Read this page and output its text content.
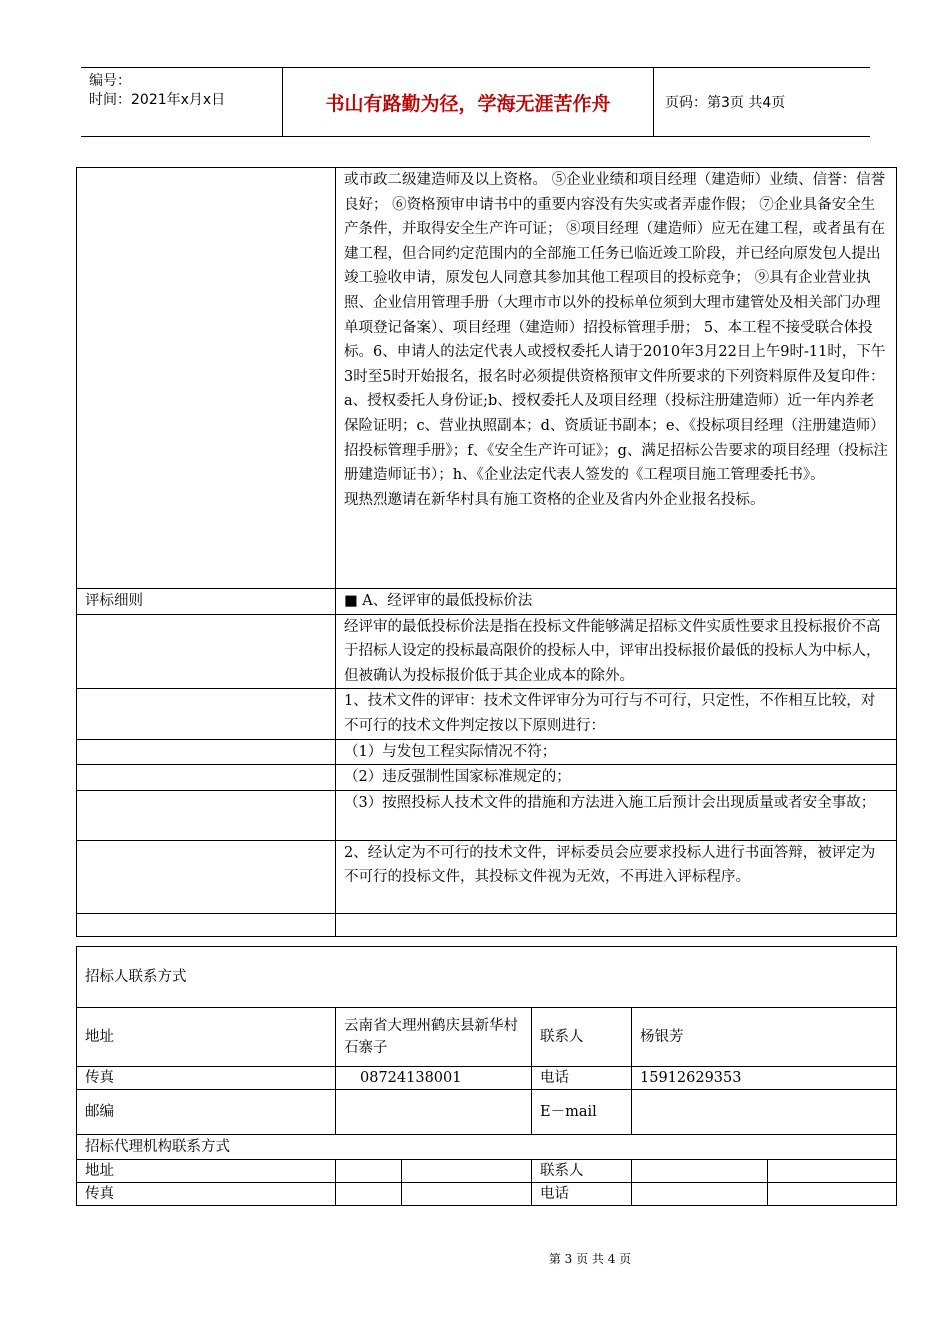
编号：
时间：2021年x月x日	书山有路勤为径，学海无涯苦作舟	页码：第3页 共4页

	或市政二级建造师及以上资格。 ⑤企业业绩和项目经理（建造师）业绩、信誉：信誉良好； ⑥资格预审申请书中的重要内容没有失实或者弄虚作假； ⑦企业具备安全生产条件，并取得安全生产许可证； ⑧项目经理（建造师）应无在建工程，或者虽有在建工程，但合同约定范围内的全部施工任务已临近竣工阶段，并已经向原发包人提出竣工验收申请，原发包人同意其参加其他工程项目的投标竞争； ⑨具有企业营业执照、企业信用管理手册（大理市市以外的投标单位须到大理市建管处及相关部门办理单项登记备案）、项目经理（建造师）招投标管理手册； 5、本工程不接受联合体投标。6、申请人的法定代表人或授权委托人请于2010年3月22日上午9时-11时，下午3时至5时开始报名，报名时必须提供资格预审文件所要求的下列资料原件及复印件：a、授权委托人身份证;b、授权委托人及项目经理（投标注册建造师）近一年内养老保险证明；c、营业执照副本；d、资质证书副本；e、《投标项目经理（注册建造师）招投标管理手册》；f、《安全生产许可证》；g、满足招标公告要求的项目经理（投标注册建造师证书）；h、《企业法定代表人签发的《工程项目施工管理委托书》。
现热烈邀请在新华村具有施工资格的企业及省内外企业报名投标。

评标细则	■ A、经评审的最低投标价法
	经评审的最低投标价法是指在投标文件能够满足招标文件实质性要求且投标报价不高于招标人设定的投标最高限价的投标人中，评审出投标报价最低的投标人为中标人，但被确认为投标报价低于其企业成本的除外。
	1、技术文件的评审：技术文件评审分为可行与不可行，只定性，不作相互比较，对不可行的技术文件判定按以下原则进行：
	（1）与发包工程实际情况不符；
	（2）违反强制性国家标准规定的；
	（3）按照投标人技术文件的措施和方法进入施工后预计会出现质量或者安全事故；
	2、经认定为不可行的技术文件，评标委员会应要求投标人进行书面答辩，被评定为不可行的投标文件，其投标文件视为无效，不再进入评标程序。

招标人联系方式			
地址	云南省大理州鹤庆县新华村石寨子	联系人	杨银芳
传真	08724138001	电话	15912629353
邮编		E－mail	
招标代理机构联系方式					
地址			联系人		
传真			电话		
第 3 页 共 4 页
